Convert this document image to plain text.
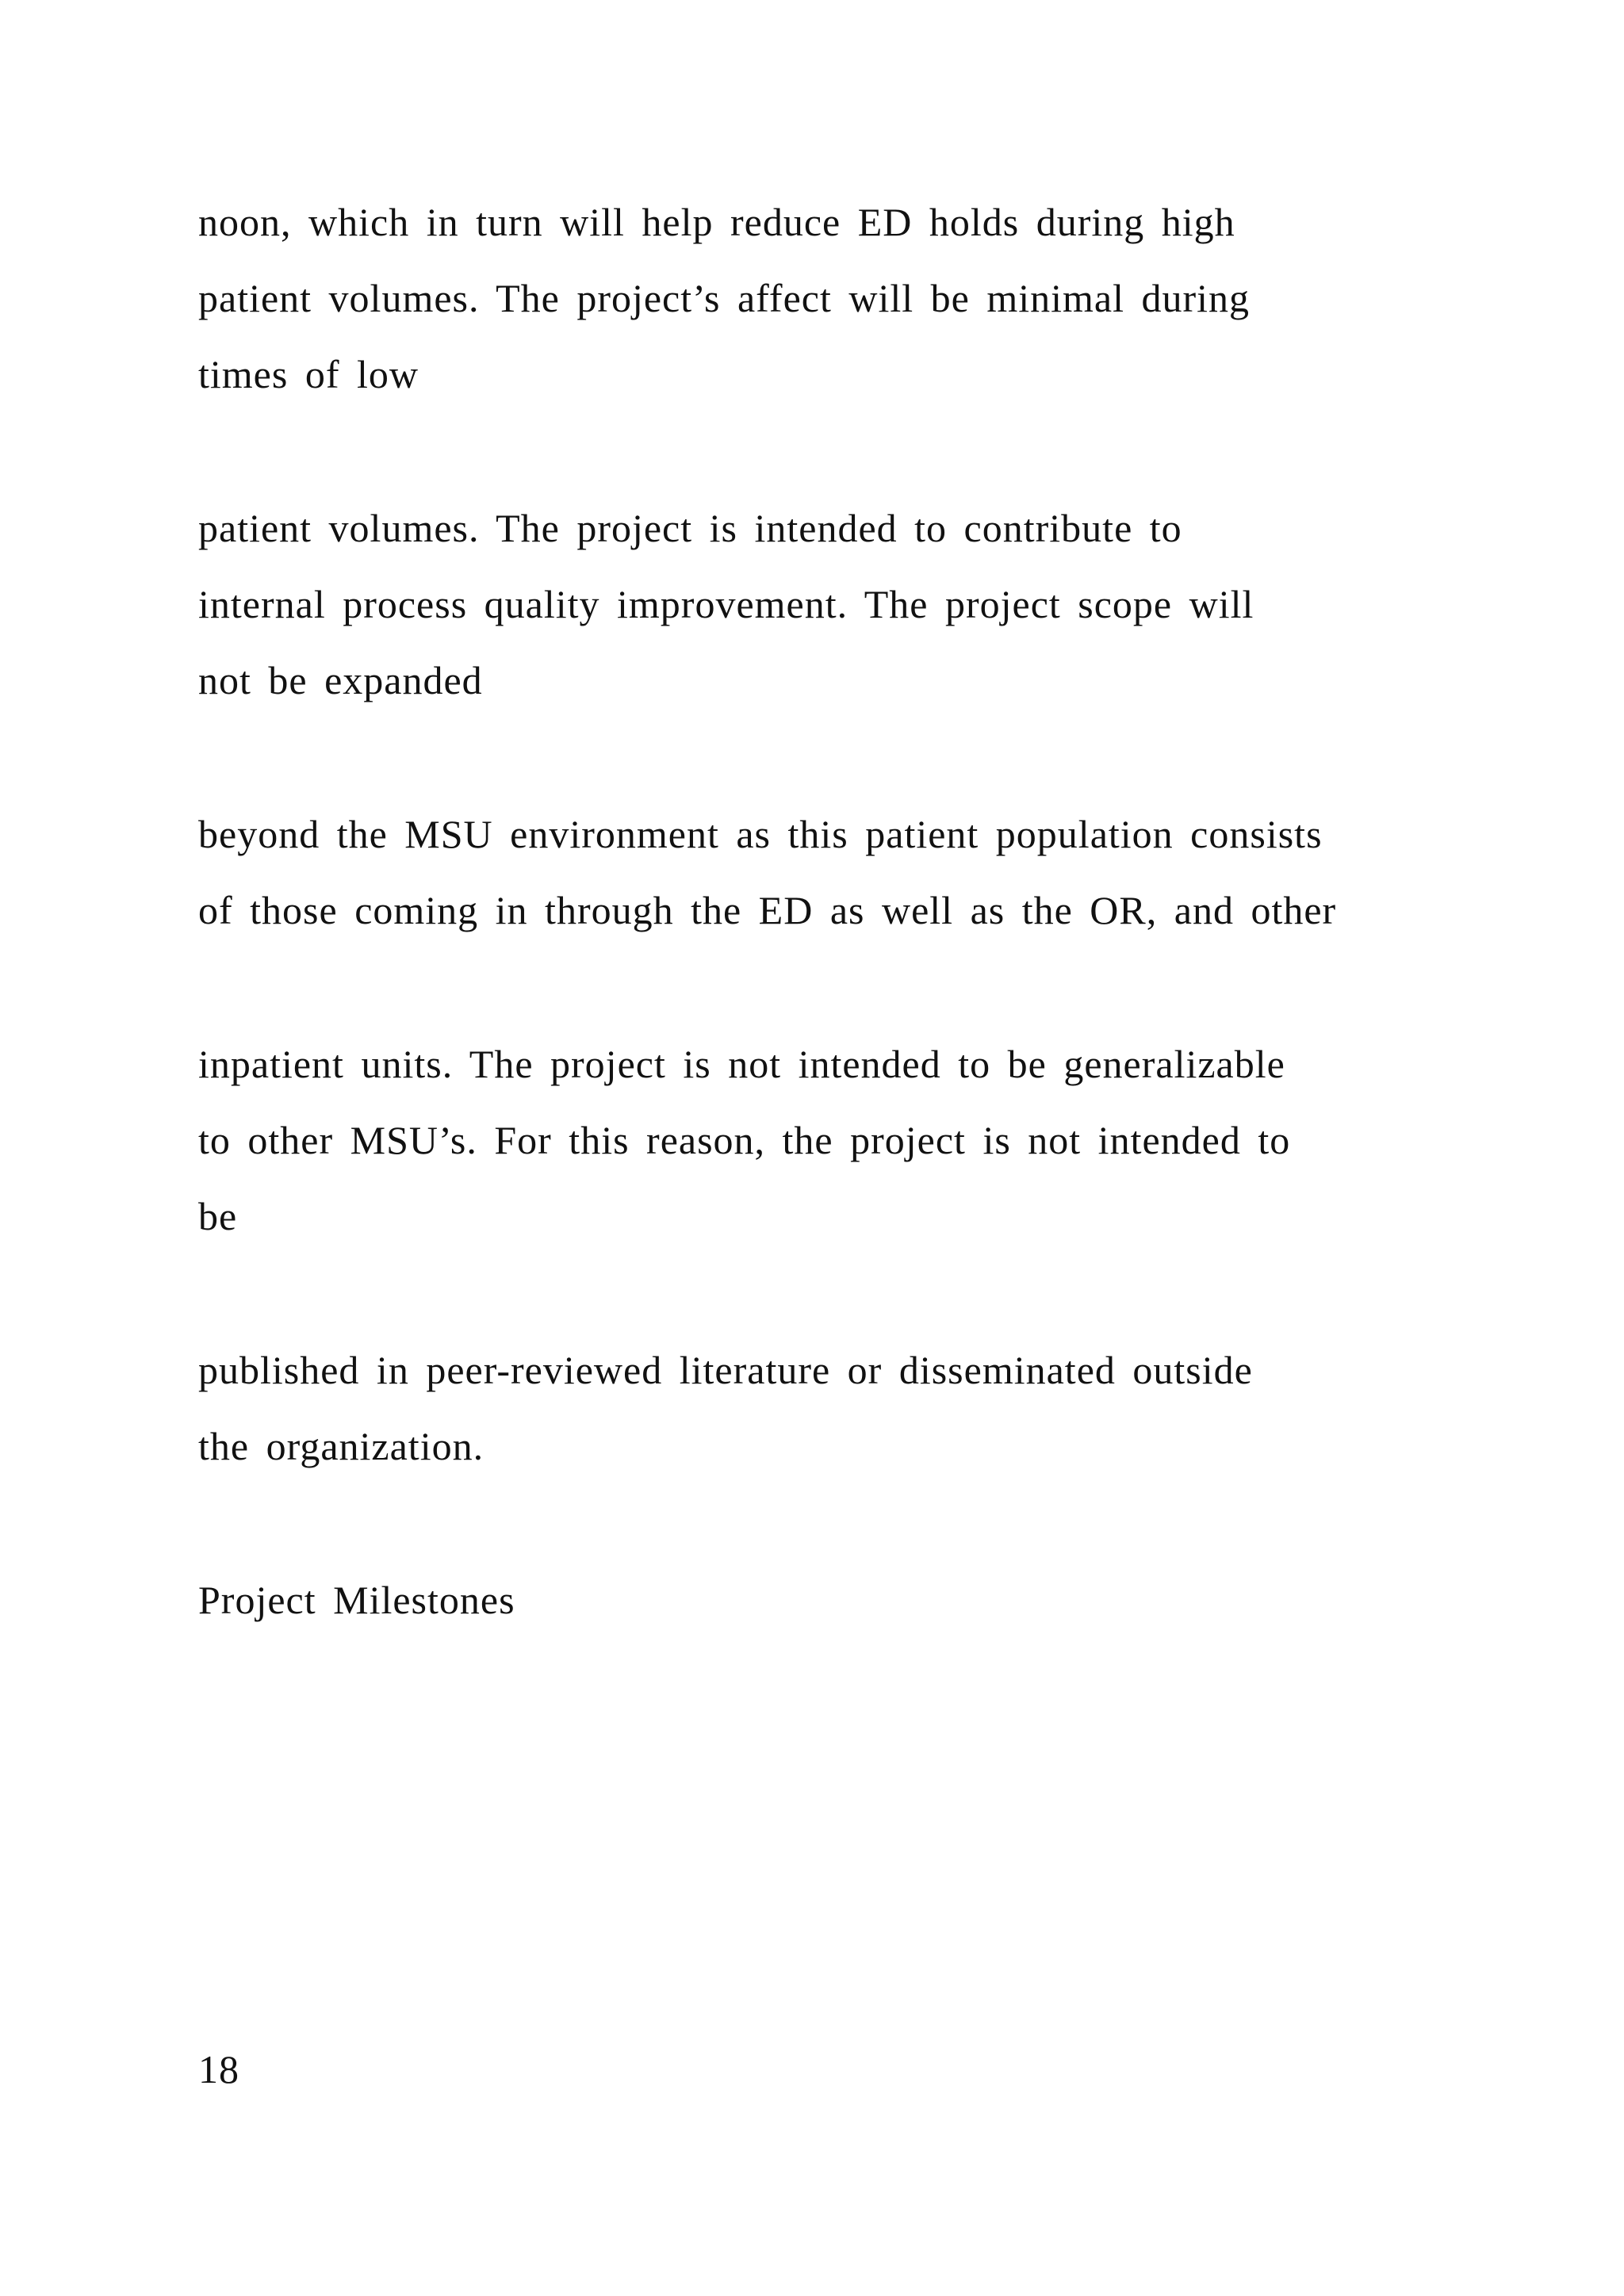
noon, which in turn will help reduce ED holds during high

patient volumes. The project’s affect will be minimal during

times of low

patient volumes. The project is intended to contribute to

internal process quality improvement. The project scope will

not be expanded

beyond the MSU environment as this patient population consists

of those coming in through the ED as well as the OR, and other

inpatient units. The project is not intended to be generalizable

to other MSU’s. For this reason, the project is not intended to

be

published in peer-reviewed literature or disseminated outside

the organization.

Project Milestones
18
